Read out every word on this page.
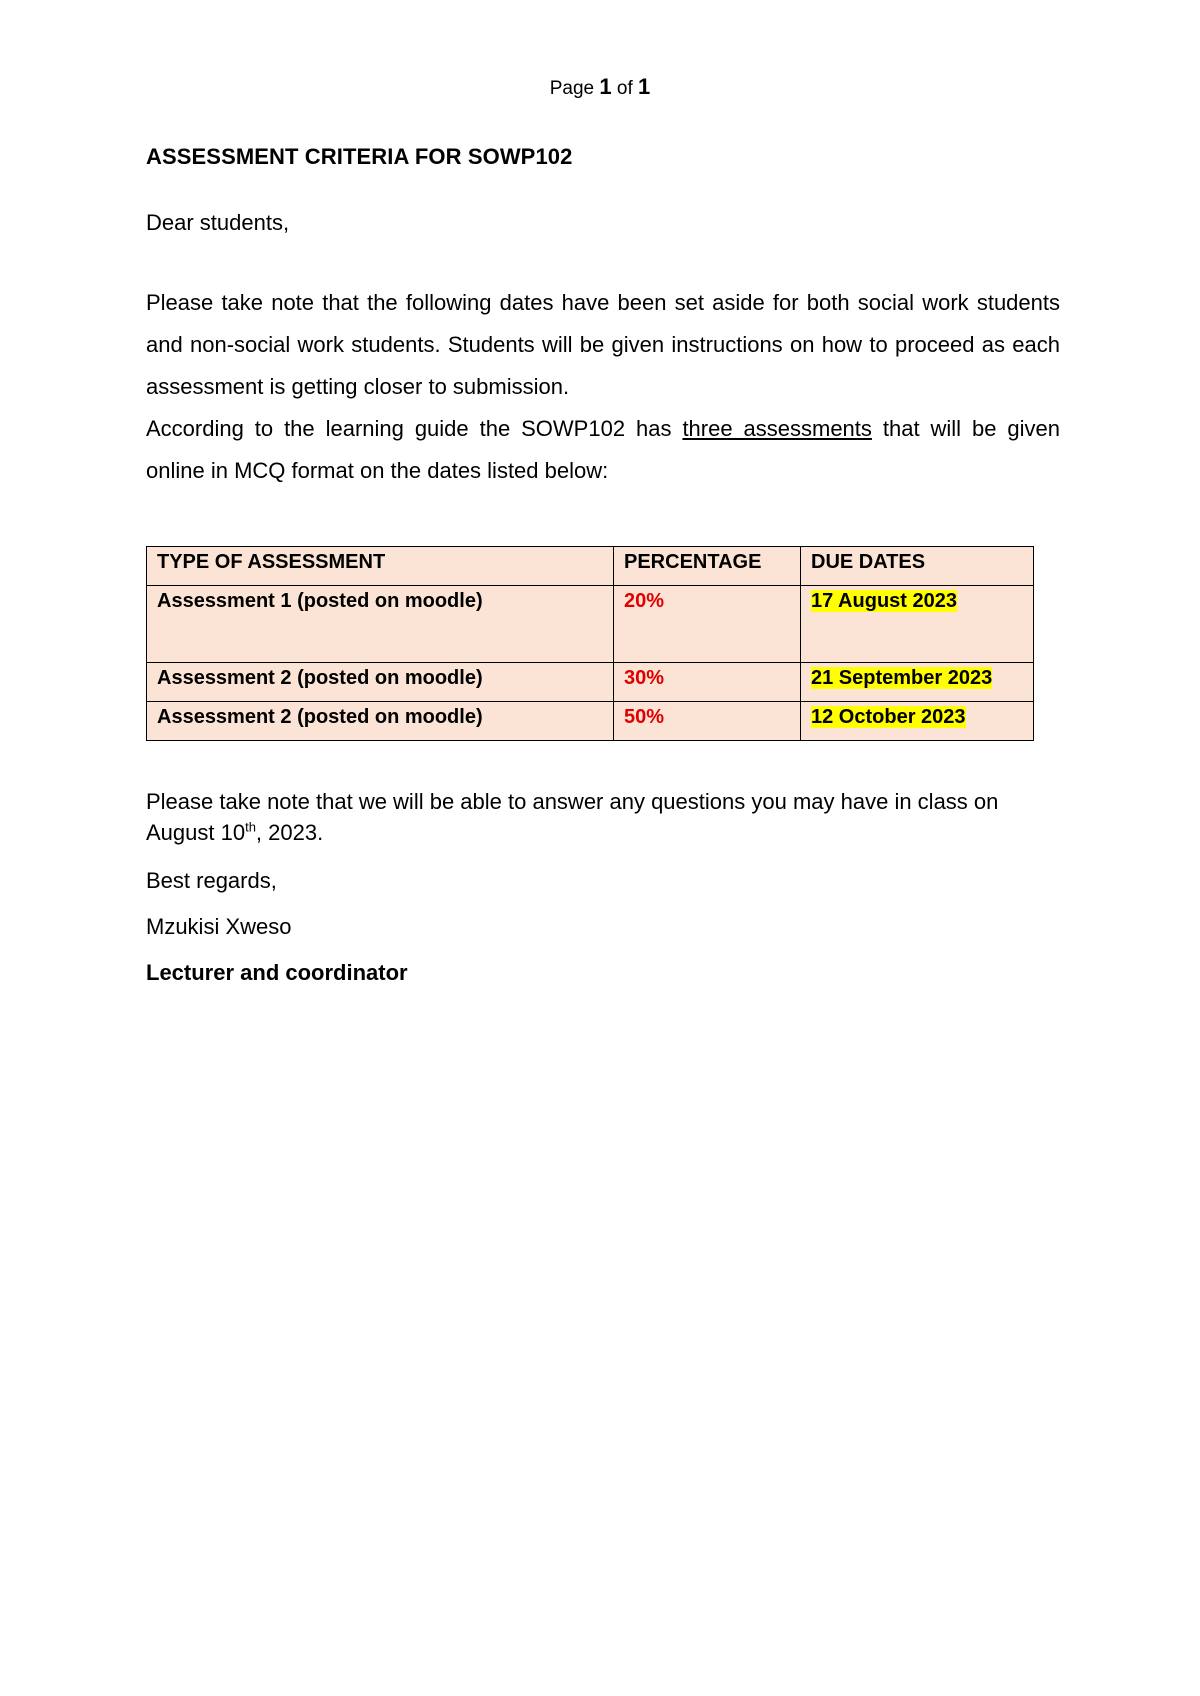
Page 1 of 1

ASSESSMENT CRITERIA FOR SOWP102

Dear students,

Please take note that the following dates have been set aside for both social work students and non-social work students. Students will be given instructions on how to proceed as each assessment is getting closer to submission.
According to the learning guide the SOWP102 has three assessments that will be given online in MCQ format on the dates listed below:
TYPE OF ASSESSMENT	PERCENTAGE	DUE DATES
Assessment 1 (posted on moodle)	20%	17 August 2023
Assessment 2 (posted on moodle)	30%	21 September 2023
Assessment 2 (posted on moodle)	50%	12 October 2023

Please take note that we will be able to answer any questions you may have in class on August 10th, 2023.

Best regards,

Mzukisi Xweso

Lecturer and coordinator
